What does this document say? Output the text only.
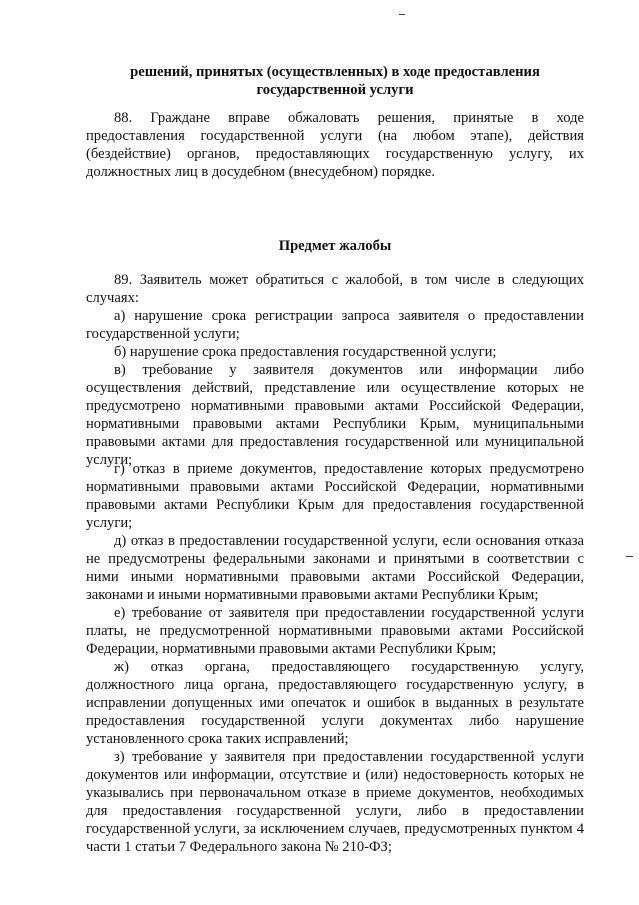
решений, принятых (осуществленных) в ходе предоставления государственной услуги

88. Граждане вправе обжаловать решения, принятые в ходе предоставления государственной услуги (на любом этапе), действия (бездействие) органов, предоставляющих государственную услугу, их должностных лиц в досудебном (внесудебном) порядке.

Предмет жалобы

89. Заявитель может обратиться с жалобой, в том числе в следующих случаях:

а) нарушение срока регистрации запроса заявителя о предоставлении государственной услуги;

б) нарушение срока предоставления государственной услуги;

в) требование у заявителя документов или информации либо осуществления действий, представление или осуществление которых не предусмотрено нормативными правовыми актами Российской Федерации, нормативными правовыми актами Республики Крым, муниципальными правовыми актами для предоставления государственной или муниципальной услуги;

г) отказ в приеме документов, предоставление которых предусмотрено нормативными правовыми актами Российской Федерации, нормативными правовыми актами Республики Крым для предоставления государственной услуги;

д) отказ в предоставлении государственной услуги, если основания отказа не предусмотрены федеральными законами и принятыми в соответствии с ними иными нормативными правовыми актами Российской Федерации, законами и иными нормативными правовыми актами Республики Крым;

е) требование от заявителя при предоставлении государственной услуги платы, не предусмотренной нормативными правовыми актами Российской Федерации, нормативными правовыми актами Республики Крым;

ж) отказ органа, предоставляющего государственную услугу, должностного лица органа, предоставляющего государственную услугу, в исправлении допущенных ими опечаток и ошибок в выданных в результате предоставления государственной услуги документах либо нарушение установленного срока таких исправлений;

з) требование у заявителя при предоставлении государственной услуги документов или информации, отсутствие и (или) недостоверность которых не указывались при первоначальном отказе в приеме документов, необходимых для предоставления государственной услуги, либо в предоставлении государственной услуги, за исключением случаев, предусмотренных пунктом 4 части 1 статьи 7 Федерального закона № 210-ФЗ;
